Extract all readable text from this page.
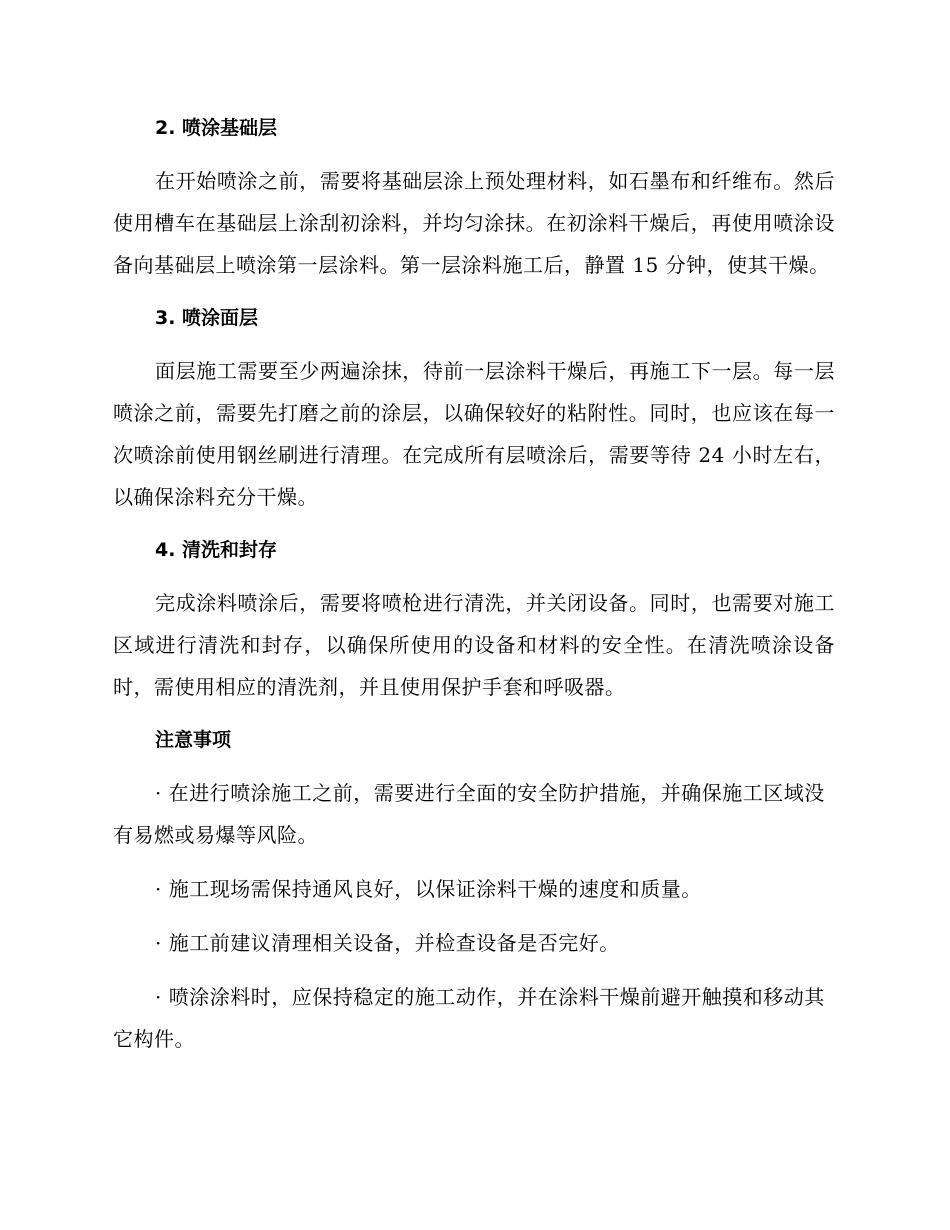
2. 喷涂基础层

在开始喷涂之前，需要将基础层涂上预处理材料，如石墨布和纤维布。然后使用槽车在基础层上涂刮初涂料，并均匀涂抹。在初涂料干燥后，再使用喷涂设备向基础层上喷涂第一层涂料。第一层涂料施工后，静置 15 分钟，使其干燥。

3. 喷涂面层

面层施工需要至少两遍涂抹，待前一层涂料干燥后，再施工下一层。每一层喷涂之前，需要先打磨之前的涂层，以确保较好的粘附性。同时，也应该在每一次喷涂前使用钢丝刷进行清理。在完成所有层喷涂后，需要等待 24 小时左右，以确保涂料充分干燥。

4. 清洗和封存

完成涂料喷涂后，需要将喷枪进行清洗，并关闭设备。同时，也需要对施工区域进行清洗和封存，以确保所使用的设备和材料的安全性。在清洗喷涂设备时，需使用相应的清洗剂，并且使用保护手套和呼吸器。

注意事项

· 在进行喷涂施工之前，需要进行全面的安全防护措施，并确保施工区域没有易燃或易爆等风险。

· 施工现场需保持通风良好，以保证涂料干燥的速度和质量。

· 施工前建议清理相关设备，并检查设备是否完好。

· 喷涂涂料时，应保持稳定的施工动作，并在涂料干燥前避开触摸和移动其它构件。
